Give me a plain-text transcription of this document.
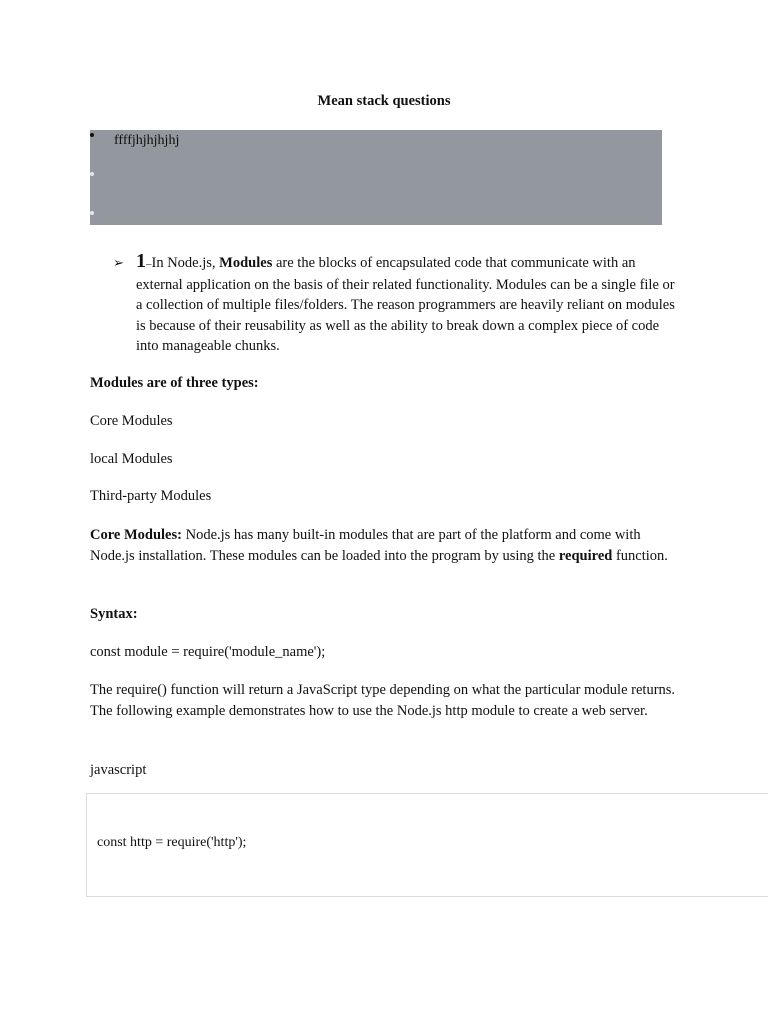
Mean stack questions
ffffjhjhjhjhj
➢ 1–In Node.js, Modules are the blocks of encapsulated code that communicate with an external application on the basis of their related functionality. Modules can be a single file or a collection of multiple files/folders. The reason programmers are heavily reliant on modules is because of their reusability as well as the ability to break down a complex piece of code into manageable chunks.

Modules are of three types:

Core Modules

local Modules

Third-party Modules

Core Modules: Node.js has many built-in modules that are part of the platform and come with Node.js installation. These modules can be loaded into the program by using the required function.

Syntax:

const module = require('module_name');

The require() function will return a JavaScript type depending on what the particular module returns. The following example demonstrates how to use the Node.js http module to create a web server.

javascript

const http = require('http');
